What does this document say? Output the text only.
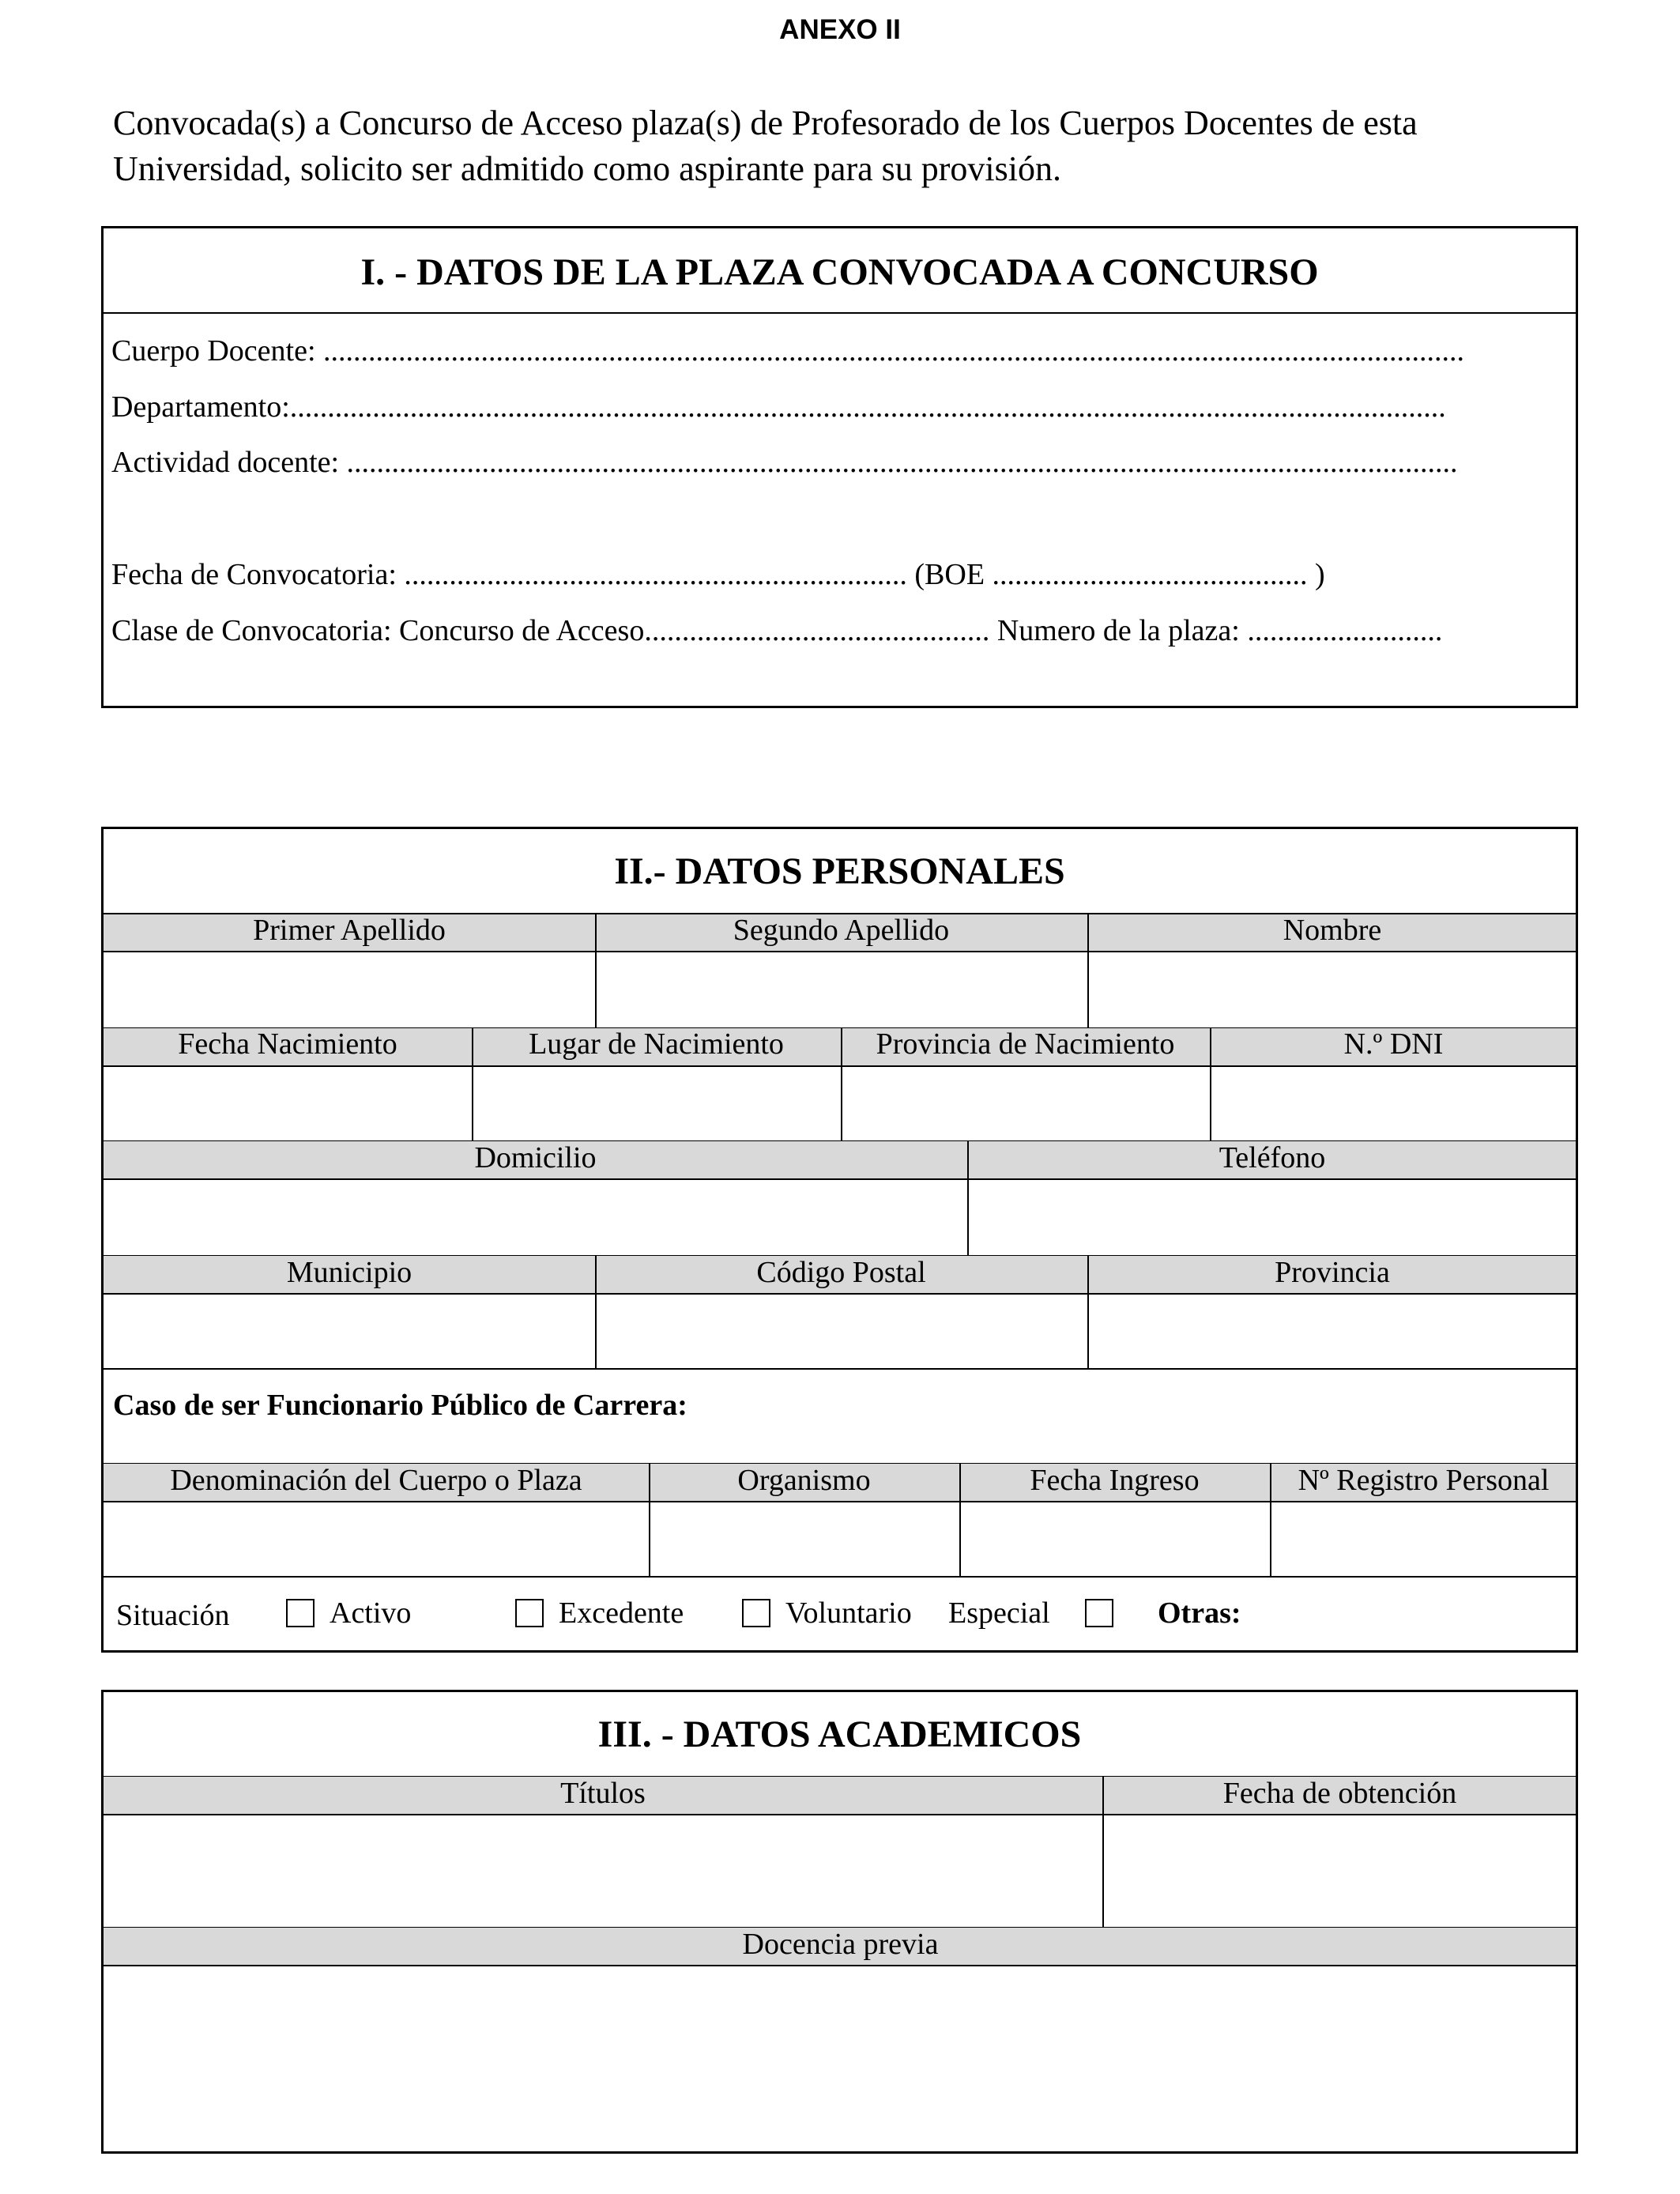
ANEXO II
Convocada(s) a Concurso de Acceso plaza(s) de Profesorado de los Cuerpos Docentes de esta Universidad, solicito ser admitido como aspirante para su provisión.
I. - DATOS DE LA PLAZA CONVOCADA A CONCURSO
Cuerpo Docente: ........................................................................................................................................................
Departamento:..........................................................................................................................................................
Actividad docente: ....................................................................................................................................................
Fecha de Convocatoria: ................................................................... (BOE .......................................... )
Clase de Convocatoria: Concurso de Acceso.............................................. Numero de la plaza: ..........................
II.- DATOS PERSONALES
Primer Apellido	Segundo Apellido	Nombre
Fecha Nacimiento	Lugar de Nacimiento	Provincia de Nacimiento	N.º DNI
Domicilio	Teléfono
Municipio	Código Postal	Provincia
Caso de ser Funcionario Público de Carrera:
Denominación del Cuerpo o Plaza	Organismo	Fecha Ingreso	Nº Registro Personal
Situación	Activo	Excedente	Voluntario Especial	Otras:
III. - DATOS ACADEMICOS
Títulos	Fecha de obtención
Docencia previa
